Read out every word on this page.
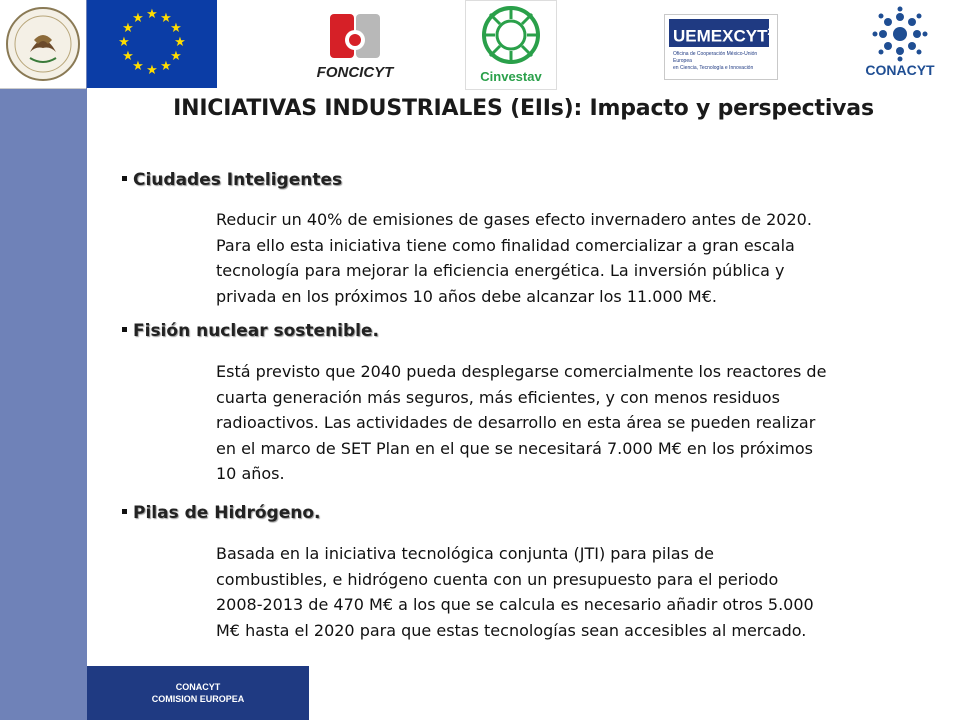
★ ★
★
★
★
★
★
★
★
★
★
★
FONCICYT	Cinvestav
UEMEXCYT$^2$
Oficina de Cooperación México-Unión Europea
en Ciencia, Tecnología e Innovación	CONACYT
INICIATIVAS INDUSTRIALES (EIIs): Impacto y perspectivas
Ciudades Inteligentes
Reducir un 40% de emisiones de gases efecto invernadero antes de 2020.
Para ello esta iniciativa tiene como finalidad comercializar a gran escala
tecnología para mejorar la eficiencia energética. La inversión pública y
privada en los próximos 10 años debe alcanzar los 11.000 M€.
Fisión nuclear sostenible.
Está previsto que 2040 pueda desplegarse comercialmente los reactores de
cuarta generación más seguros, más eficientes, y con menos residuos
radioactivos. Las actividades de desarrollo en esta área se pueden realizar
en el marco de SET Plan en el que se necesitará 7.000 M€ en los próximos
10 años.
Pilas de Hidrógeno.
Basada en la iniciativa tecnológica conjunta (JTI) para pilas de
combustibles, e hidrógeno cuenta con un presupuesto para el periodo
2008-2013 de 470 M€ a los que se calcula es necesario añadir otros 5.000
M€ hasta el 2020 para que estas tecnologías sean accesibles al mercado.
CONACYT
COMISION EUROPEA
